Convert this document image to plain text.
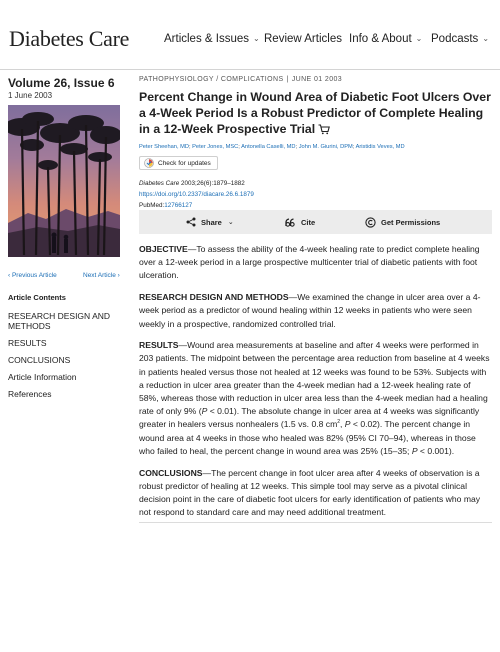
Diabetes Care	Articles & Issues ⌄ Review Articles Info & About ⌄ Podcasts ⌄
Volume 26, Issue 6
1 June 2003
‹ Previous Article	Next Article ›
Article Contents
RESEARCH DESIGN AND METHODS
RESULTS
CONCLUSIONS
Article Information
References
PATHOPHYSIOLOGY / COMPLICATIONS | JUNE 01 2003
Percent Change in Wound Area of Diabetic Foot Ulcers Over a 4-Week Period Is a Robust Predictor of Complete Healing in a 12-Week Prospective Trial
Peter Sheehan, MD; Peter Jones, MSC; Antonella Caselli, MD; John M. Giurini, DPM; Aristidis Veves, MD
Check for updates
Diabetes Care 2003;26(6):1879–1882
https://doi.org/10.2337/diacare.26.6.1879
PubMed:12766127
Share ⌄	Cite	Get Permissions

OBJECTIVE—To assess the ability of the 4-week healing rate to predict complete healing over a 12-week period in a large prospective multicenter trial of diabetic patients with foot ulceration.

RESEARCH DESIGN AND METHODS—We examined the change in ulcer area over a 4-week period as a predictor of wound healing within 12 weeks in patients who were seen weekly in a prospective, randomized controlled trial.

RESULTS—Wound area measurements at baseline and after 4 weeks were performed in 203 patients. The midpoint between the percentage area reduction from baseline at 4 weeks in patients healed versus those not healed at 12 weeks was found to be 53%. Subjects with a reduction in ulcer area greater than the 4-week median had a 12-week healing rate of 58%, whereas those with reduction in ulcer area less than the 4-week median had a healing rate of only 9% (P < 0.01). The absolute change in ulcer area at 4 weeks was significantly greater in healers versus nonhealers (1.5 vs. 0.8 $cm^2$, P < 0.02). The percent change in wound area at 4 weeks in those who healed was 82% (95% CI 70–94), whereas in those who failed to heal, the percent change in wound area was 25% (15–35; P < 0.001).

CONCLUSIONS—The percent change in foot ulcer area after 4 weeks of observation is a robust predictor of healing at 12 weeks. This simple tool may serve as a pivotal clinical decision point in the care of diabetic foot ulcers for early identification of patients who may not respond to standard care and may need additional treatment.
